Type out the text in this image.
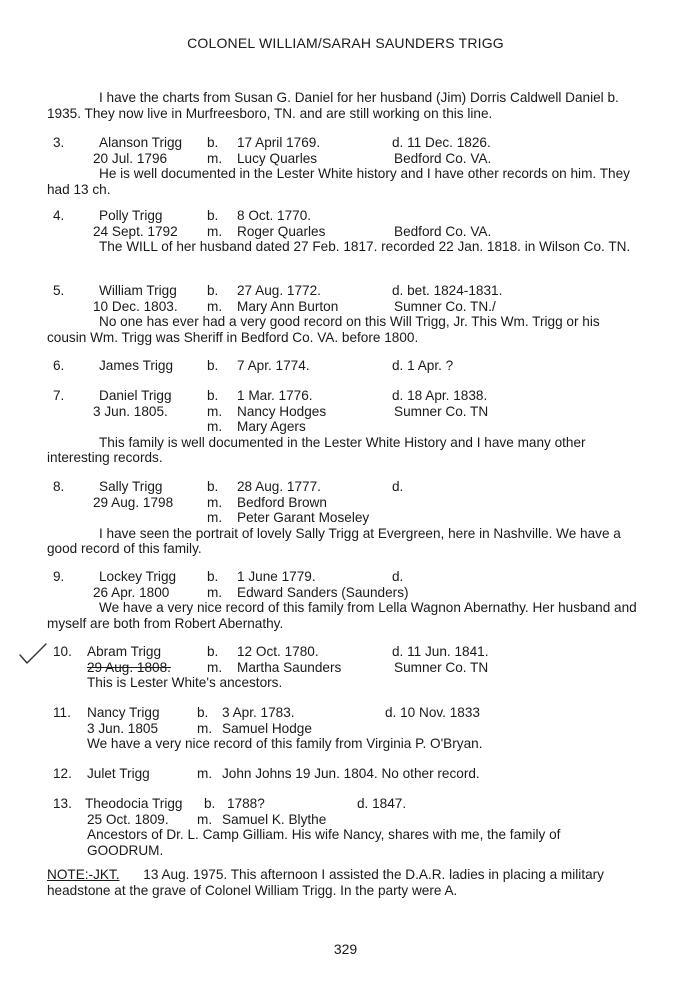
COLONEL WILLIAM/SARAH SAUNDERS TRIGG
I have the charts from Susan G. Daniel for her husband (Jim) Dorris Caldwell Daniel b. 1935. They now live in Murfreesboro, TN. and are still working on this line.
3.	Alanson Trigg b. 17 April 1769.	d. 11 Dec. 1826.
20 Jul. 1796	m. Lucy Quarles	Bedford Co. VA.
He is well documented in the Lester White history and I have other records on him. They had 13 ch.
4.	Polly Trigg	b. 8 Oct. 1770.
24 Sept. 1792 m. Roger Quarles	Bedford Co. VA.
The WILL of her husband dated 27 Feb. 1817. recorded 22 Jan. 1818. in Wilson Co. TN.
5.	William Trigg b. 27 Aug. 1772.	d. bet. 1824-1831.
10 Dec. 1803. m. Mary Ann Burton	Sumner Co. TN./
No one has ever had a very good record on this Will Trigg, Jr. This Wm. Trigg or his cousin Wm. Trigg was Sheriff in Bedford Co. VA. before 1800.
6.	James Trigg b. 7 Apr. 1774.	d. 1 Apr. ?
7.	Daniel Trigg	b. 1 Mar. 1776.	d. 18 Apr. 1838.
3 Jun. 1805.	m. Nancy Hodges	Sumner Co. TN
m. Mary Agers
This family is well documented in the Lester White History and I have many other interesting records.
8.	Sally Trigg	b. 28 Aug. 1777.	d.
29 Aug. 1798 m. Bedford Brown
m. Peter Garant Moseley
I have seen the portrait of lovely Sally Trigg at Evergreen, here in Nashville. We have a good record of this family.
9.	Lockey Trigg b. 1 June 1779.	d.
26 Apr. 1800	m. Edward Sanders (Saunders)
We have a very nice record of this family from Lella Wagnon Abernathy. Her husband and myself are both from Robert Abernathy.
10. Abram Trigg	b. 12 Oct. 1780.	d. 11 Jun. 1841.
29 Aug. 1808.	m. Martha Saunders	Sumner Co. TN
This is Lester White's ancestors.
11. Nancy Trigg	b. 3 Apr. 1783.	d. 10 Nov. 1833
3 Jun. 1805	m. Samuel Hodge
We have a very nice record of this family from Virginia P. O'Bryan.
12. Julet Trigg	m. John Johns 19 Jun. 1804. No other record.
13. Theodocia Trigg b. 1788?	d. 1847.
25 Oct. 1809. m. Samuel K. Blythe
Ancestors of Dr. L. Camp Gilliam. His wife Nancy, shares with me, the family of GOODRUM.
NOTE:-JKT. 13 Aug. 1975. This afternoon I assisted the D.A.R. ladies in placing a military headstone at the grave of Colonel William Trigg. In the party were A.
329
